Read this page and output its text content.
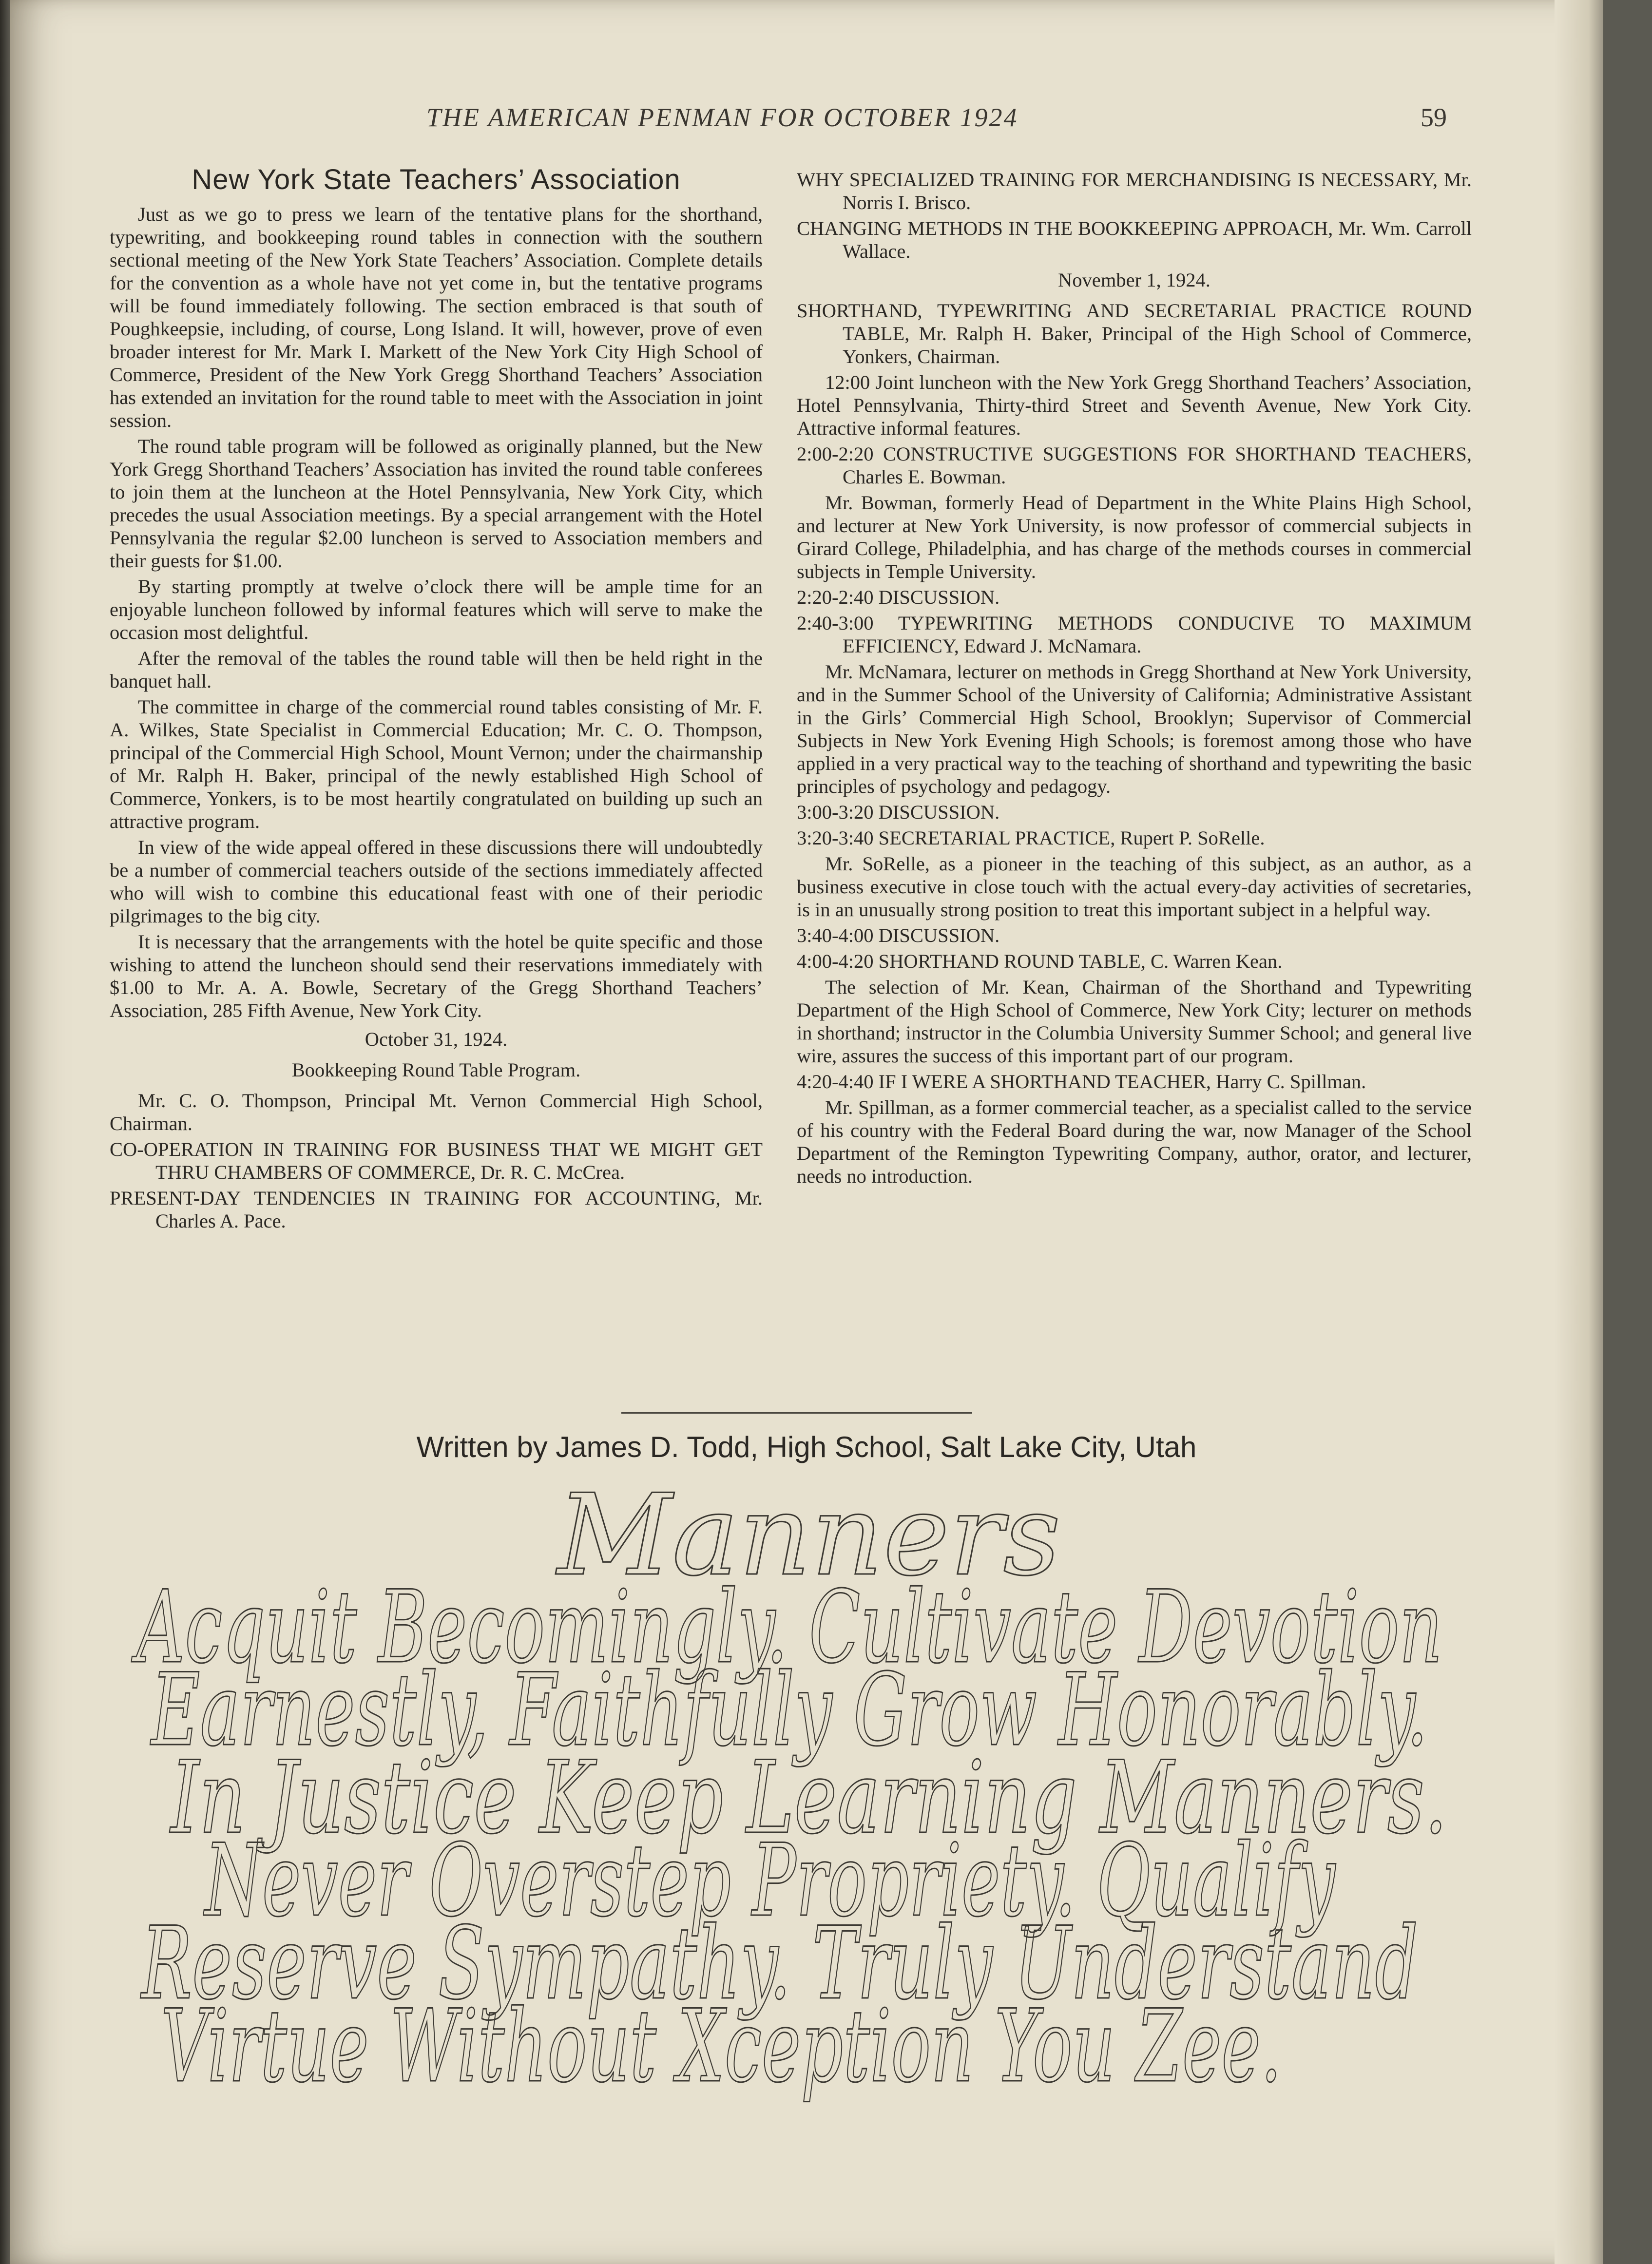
THE AMERICAN PENMAN FOR OCTOBER 1924	59
New York State Teachers’ Association

Just as we go to press we learn of the tentative plans for the shorthand, typewriting, and bookkeeping round tables in connection with the southern sectional meeting of the New York State Teachers’ Association. Complete details for the convention as a whole have not yet come in, but the tentative programs will be found immediately following. The section embraced is that south of Poughkeepsie, including, of course, Long Island. It will, however, prove of even broader interest for Mr. Mark I. Markett of the New York City High School of Commerce, President of the New York Gregg Shorthand Teachers’ Association has extended an invitation for the round table to meet with the Association in joint session.

The round table program will be followed as originally planned, but the New York Gregg Shorthand Teachers’ Association has invited the round table conferees to join them at the luncheon at the Hotel Pennsylvania, New York City, which precedes the usual Association meetings. By a special arrangement with the Hotel Pennsylvania the regular $2.00 luncheon is served to Association members and their guests for $1.00.

By starting promptly at twelve o’clock there will be ample time for an enjoyable luncheon followed by informal features which will serve to make the occasion most delightful.

After the removal of the tables the round table will then be held right in the banquet hall.

The committee in charge of the commercial round tables consisting of Mr. F. A. Wilkes, State Specialist in Commercial Education; Mr. C. O. Thompson, principal of the Commercial High School, Mount Vernon; under the chairmanship of Mr. Ralph H. Baker, principal of the newly established High School of Commerce, Yonkers, is to be most heartily congratulated on building up such an attractive program.

In view of the wide appeal offered in these discussions there will undoubtedly be a number of commercial teachers outside of the sections immediately affected who will wish to combine this educational feast with one of their periodic pilgrimages to the big city.

It is necessary that the arrangements with the hotel be quite specific and those wishing to attend the luncheon should send their reservations immediately with $1.00 to Mr. A. A. Bowle, Secretary of the Gregg Shorthand Teachers’ Association, 285 Fifth Avenue, New York City.

October 31, 1924.

Bookkeeping Round Table Program.

Mr. C. O. Thompson, Principal Mt. Vernon Commercial High School, Chairman.

CO-OPERATION IN TRAINING FOR BUSINESS THAT WE MIGHT GET THRU CHAMBERS OF COMMERCE, Dr. R. C. McCrea.

PRESENT-DAY TENDENCIES IN TRAINING FOR ACCOUNTING, Mr. Charles A. Pace.

WHY SPECIALIZED TRAINING FOR MERCHANDISING IS NECESSARY, Mr. Norris I. Brisco.

CHANGING METHODS IN THE BOOKKEEPING APPROACH, Mr. Wm. Carroll Wallace.

November 1, 1924.

SHORTHAND, TYPEWRITING AND SECRETARIAL PRACTICE ROUND TABLE, Mr. Ralph H. Baker, Principal of the High School of Commerce, Yonkers, Chairman.

12:00 Joint luncheon with the New York Gregg Shorthand Teachers’ Association, Hotel Pennsylvania, Thirty-third Street and Seventh Avenue, New York City. Attractive informal features.

2:00-2:20 CONSTRUCTIVE SUGGESTIONS FOR SHORTHAND TEACHERS, Charles E. Bowman.

Mr. Bowman, formerly Head of Department in the White Plains High School, and lecturer at New York University, is now professor of commercial subjects in Girard College, Philadelphia, and has charge of the methods courses in commercial subjects in Temple University.

2:20-2:40 DISCUSSION.

2:40-3:00 TYPEWRITING METHODS CONDUCIVE TO MAXIMUM EFFICIENCY, Edward J. McNamara.

Mr. McNamara, lecturer on methods in Gregg Shorthand at New York University, and in the Summer School of the University of California; Administrative Assistant in the Girls’ Commercial High School, Brooklyn; Supervisor of Commercial Subjects in New York Evening High Schools; is foremost among those who have applied in a very practical way to the teaching of shorthand and typewriting the basic principles of psychology and pedagogy.

3:00-3:20 DISCUSSION.

3:20-3:40 SECRETARIAL PRACTICE, Rupert P. SoRelle.

Mr. SoRelle, as a pioneer in the teaching of this subject, as an author, as a business executive in close touch with the actual every-day activities of secretaries, is in an unusually strong position to treat this important subject in a helpful way.

3:40-4:00 DISCUSSION.

4:00-4:20 SHORTHAND ROUND TABLE, C. Warren Kean.

The selection of Mr. Kean, Chairman of the Shorthand and Typewriting Department of the High School of Commerce, New York City; lecturer on methods in shorthand; instructor in the Columbia University Summer School; and general live wire, assures the success of this important part of our program.

4:20-4:40 IF I WERE A SHORTHAND TEACHER, Harry C. Spillman.

Mr. Spillman, as a former commercial teacher, as a specialist called to the service of his country with the Federal Board during the war, now Manager of the School Department of the Remington Typewriting Company, author, orator, and lecturer, needs no introduction.

Written by James D. Todd, High School, Salt Lake City, Utah
Manners
Acquit Becomingly. Cultivate Devotion
Earnestly, Faithfully Grow Honorably.
In Justice Keep Learning Manners.
Never Overstep Propriety. Qualify
Reserve Sympathy. Truly Understand
Virtue Without Xception You Zee.
